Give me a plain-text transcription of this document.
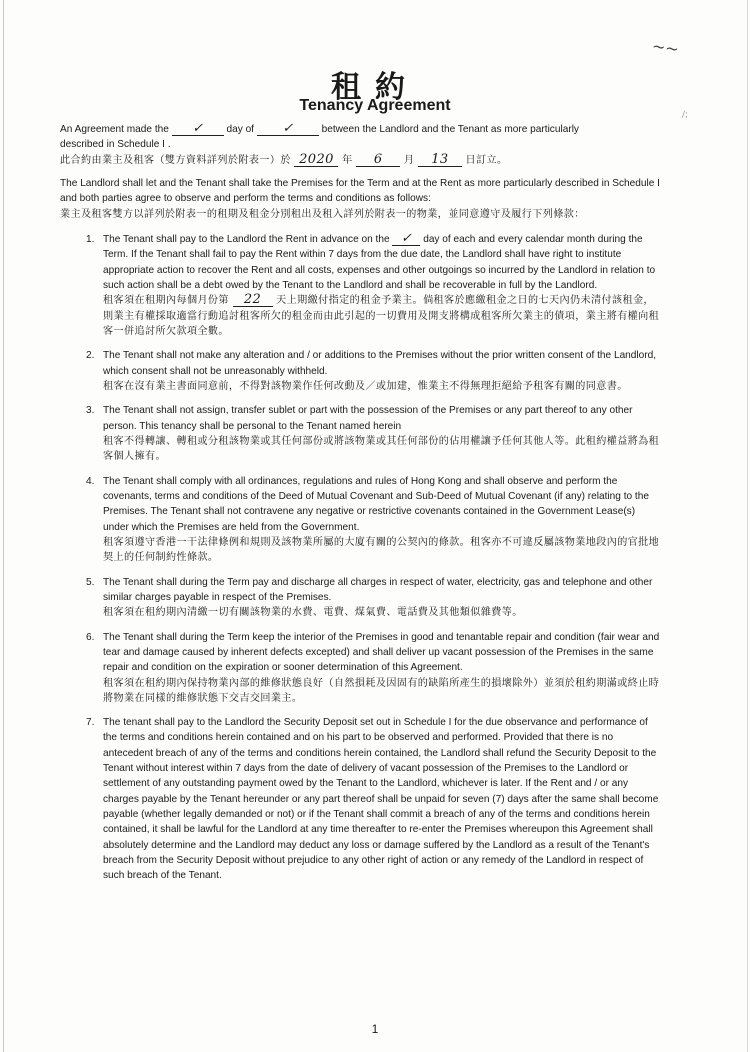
~~
/;
租約
Tenancy Agreement

An Agreement made the ✓ day of ✓	between the Landlord and the Tenant as more particularly

described in Schedule I .

此合約由業主及租客（雙方資料詳列於附表一）於 2020 年 6 月 13 日訂立。

The Landlord shall let and the Tenant shall take the Premises for the Term and at the Rent as more particularly described in Schedule I and both parties agree to observe and perform the terms and conditions as follows:

業主及租客雙方以詳列於附表一的租期及租金分別租出及租入詳列於附表一的物業，並同意遵守及履行下列條款：

1. The Tenant shall pay to the Landlord the Rent in advance on the ✓ day of each and every calendar month during the Term. If the Tenant shall fail to pay the Rent within 7 days from the due date, the Landlord shall have right to institute appropriate action to recover the Rent and all costs, expenses and other outgoings so incurred by the Landlord in relation to such action shall be a debt owed by the Tenant to the Landlord and shall be recoverable in full by the Landlord.

租客須在租期內每個月份第 22 天上期繳付指定的租金予業主。倘租客於應繳租金之日的七天內仍未清付該租金，則業主有權採取適當行動追討租客所欠的租金而由此引起的一切費用及開支將構成租客所欠業主的債項，業主將有權向租客一併追討所欠款項全數。

2. The Tenant shall not make any alteration and / or additions to the Premises without the prior written consent of the Landlord, which consent shall not be unreasonably withheld.

租客在沒有業主書面同意前，不得對該物業作任何改動及／或加建，惟業主不得無理拒絕給予租客有關的同意書。

3. The Tenant shall not assign, transfer sublet or part with the possession of the Premises or any part thereof to any other person. This tenancy shall be personal to the Tenant named herein

租客不得轉讓、轉租或分租該物業或其任何部份或將該物業或其任何部份的佔用權讓予任何其他人等。此租約權益將為租客個人擁有。

4. The Tenant shall comply with all ordinances, regulations and rules of Hong Kong and shall observe and perform the covenants, terms and conditions of the Deed of Mutual Covenant and Sub-Deed of Mutual Covenant (if any) relating to the Premises. The Tenant shall not contravene any negative or restrictive covenants contained in the Government Lease(s) under which the Premises are held from the Government.

租客須遵守香港一干法律條例和規則及該物業所屬的大廈有關的公契內的條款。租客亦不可違反屬該物業地段內的官批地契上的任何制約性條款。

5. The Tenant shall during the Term pay and discharge all charges in respect of water, electricity, gas and telephone and other similar charges payable in respect of the Premises.

租客須在租約期內清繳一切有關該物業的水費、電費、煤氣費、電話費及其他類似雜費等。

6. The Tenant shall during the Term keep the interior of the Premises in good and tenantable repair and condition (fair wear and tear and damage caused by inherent defects excepted) and shall deliver up vacant possession of the Premises in the same repair and condition on the expiration or sooner determination of this Agreement.

租客須在租約期內保持物業內部的維修狀態良好（自然損耗及因固有的缺陷所產生的損壞除外）並須於租約期滿或終止時將物業在同樣的維修狀態下交吉交回業主。

7. The tenant shall pay to the Landlord the Security Deposit set out in Schedule I for the due observance and performance of the terms and conditions herein contained and on his part to be observed and performed. Provided that there is no antecedent breach of any of the terms and conditions herein contained, the Landlord shall refund the Security Deposit to the Tenant without interest within 7 days from the date of delivery of vacant possession of the Premises to the Landlord or settlement of any outstanding payment owed by the Tenant to the Landlord, whichever is later. If the Rent and / or any charges payable by the Tenant hereunder or any part thereof shall be unpaid for seven (7) days after the same shall become payable (whether legally demanded or not) or if the Tenant shall commit a breach of any of the terms and conditions herein contained, it shall be lawful for the Landlord at any time thereafter to re-enter the Premises whereupon this Agreement shall absolutely determine and the Landlord may deduct any loss or damage suffered by the Landlord as a result of the Tenant's breach from the Security Deposit without prejudice to any other right of action or any remedy of the Landlord in respect of such breach of the Tenant.

1
